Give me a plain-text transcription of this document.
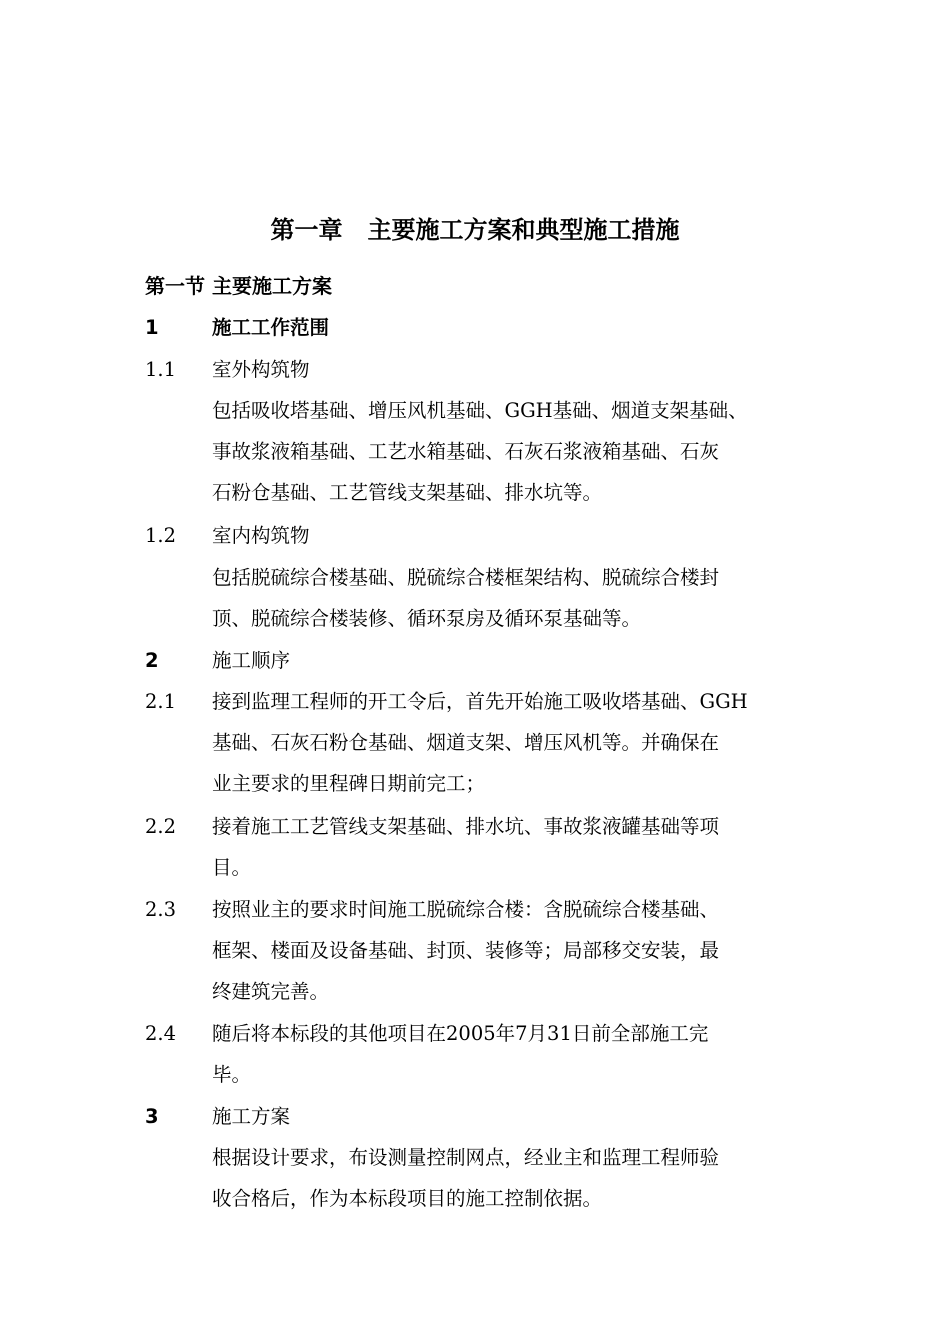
第一章   主要施工方案和典型施工措施
第一节 主要施工方案
1	施工工作范围
1.1	室外构筑物
包括吸收塔基础、增压风机基础、GGH基础、烟道支架基础、
事故浆液箱基础、工艺水箱基础、石灰石浆液箱基础、石灰
石粉仓基础、工艺管线支架基础、排水坑等。
1.2	室内构筑物
包括脱硫综合楼基础、脱硫综合楼框架结构、脱硫综合楼封
顶、脱硫综合楼装修、循环泵房及循环泵基础等。
2	施工顺序
2.1	接到监理工程师的开工令后，首先开始施工吸收塔基础、GGH
基础、石灰石粉仓基础、烟道支架、增压风机等。并确保在
业主要求的里程碑日期前完工；
2.2	接着施工工艺管线支架基础、排水坑、事故浆液罐基础等项
目。
2.3	按照业主的要求时间施工脱硫综合楼：含脱硫综合楼基础、
框架、楼面及设备基础、封顶、装修等；局部移交安装，最
终建筑完善。
2.4	随后将本标段的其他项目在2005年7月31日前全部施工完
毕。
3	施工方案
根据设计要求，布设测量控制网点，经业主和监理工程师验
收合格后，作为本标段项目的施工控制依据。
